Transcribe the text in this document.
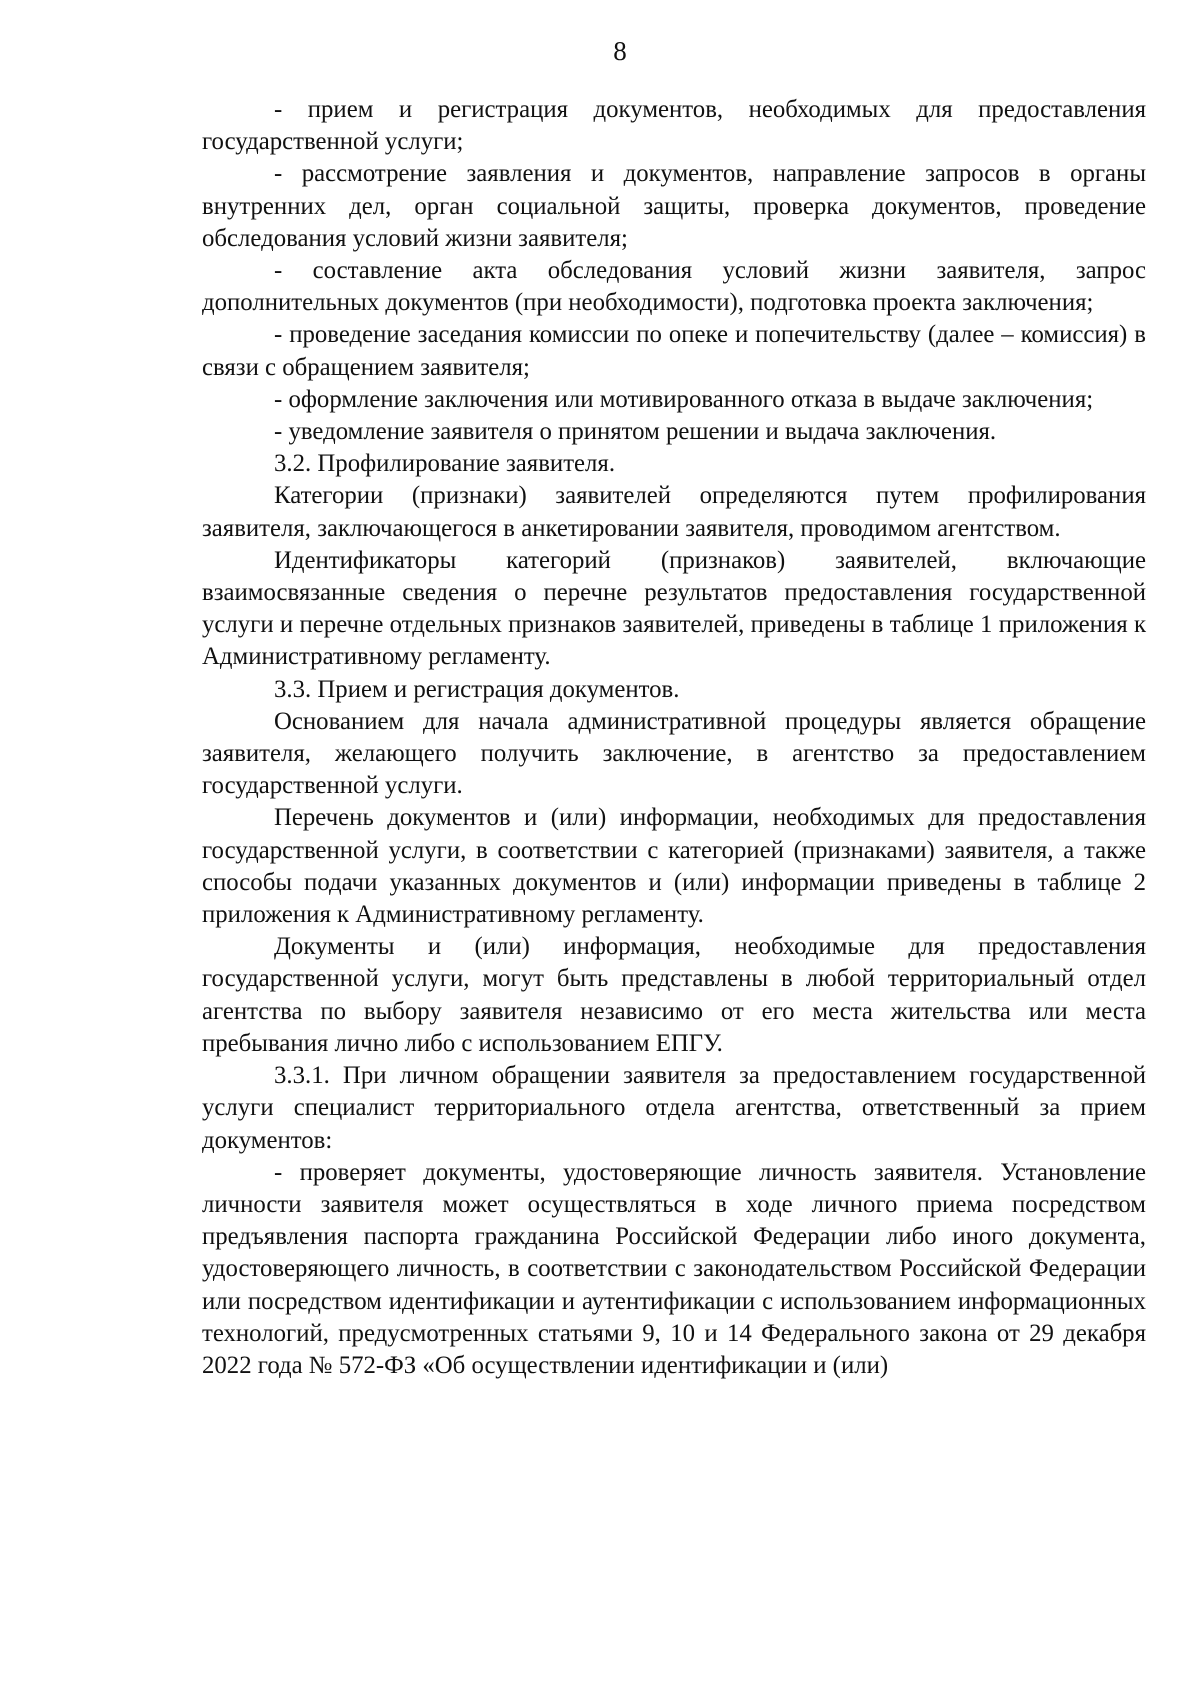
8

- прием и регистрация документов, необходимых для предоставления государственной услуги;

- рассмотрение заявления и документов, направление запросов в органы внутренних дел, орган социальной защиты, проверка документов, проведение обследования условий жизни заявителя;

- составление акта обследования условий жизни заявителя, запрос дополнительных документов (при необходимости), подготовка проекта заключения;

- проведение заседания комиссии по опеке и попечительству (далее – комиссия) в связи с обращением заявителя;

- оформление заключения или мотивированного отказа в выдаче заключения;

- уведомление заявителя о принятом решении и выдача заключения.

3.2. Профилирование заявителя.

Категории (признаки) заявителей определяются путем профилирования заявителя, заключающегося в анкетировании заявителя, проводимом агентством.

Идентификаторы категорий (признаков) заявителей, включающие взаимосвязанные сведения о перечне результатов предоставления государственной услуги и перечне отдельных признаков заявителей, приведены в таблице 1 приложения к Административному регламенту.

3.3. Прием и регистрация документов.

Основанием для начала административной процедуры является обращение заявителя, желающего получить заключение, в агентство за предоставлением государственной услуги.

Перечень документов и (или) информации, необходимых для предоставления государственной услуги, в соответствии с категорией (признаками) заявителя, а также способы подачи указанных документов и (или) информации приведены в таблице 2 приложения к Административному регламенту.

Документы и (или) информация, необходимые для предоставления государственной услуги, могут быть представлены в любой территориальный отдел агентства по выбору заявителя независимо от его места жительства или места пребывания лично либо с использованием ЕПГУ.

3.3.1. При личном обращении заявителя за предоставлением государственной услуги специалист территориального отдела агентства, ответственный за прием документов:

- проверяет документы, удостоверяющие личность заявителя. Установление личности заявителя может осуществляться в ходе личного приема посредством предъявления паспорта гражданина Российской Федерации либо иного документа, удостоверяющего личность, в соответствии с законодательством Российской Федерации или посредством идентификации и аутентификации с использованием информационных технологий, предусмотренных статьями 9, 10 и 14 Федерального закона от 29 декабря 2022 года № 572-ФЗ «Об осуществлении идентификации и (или)
